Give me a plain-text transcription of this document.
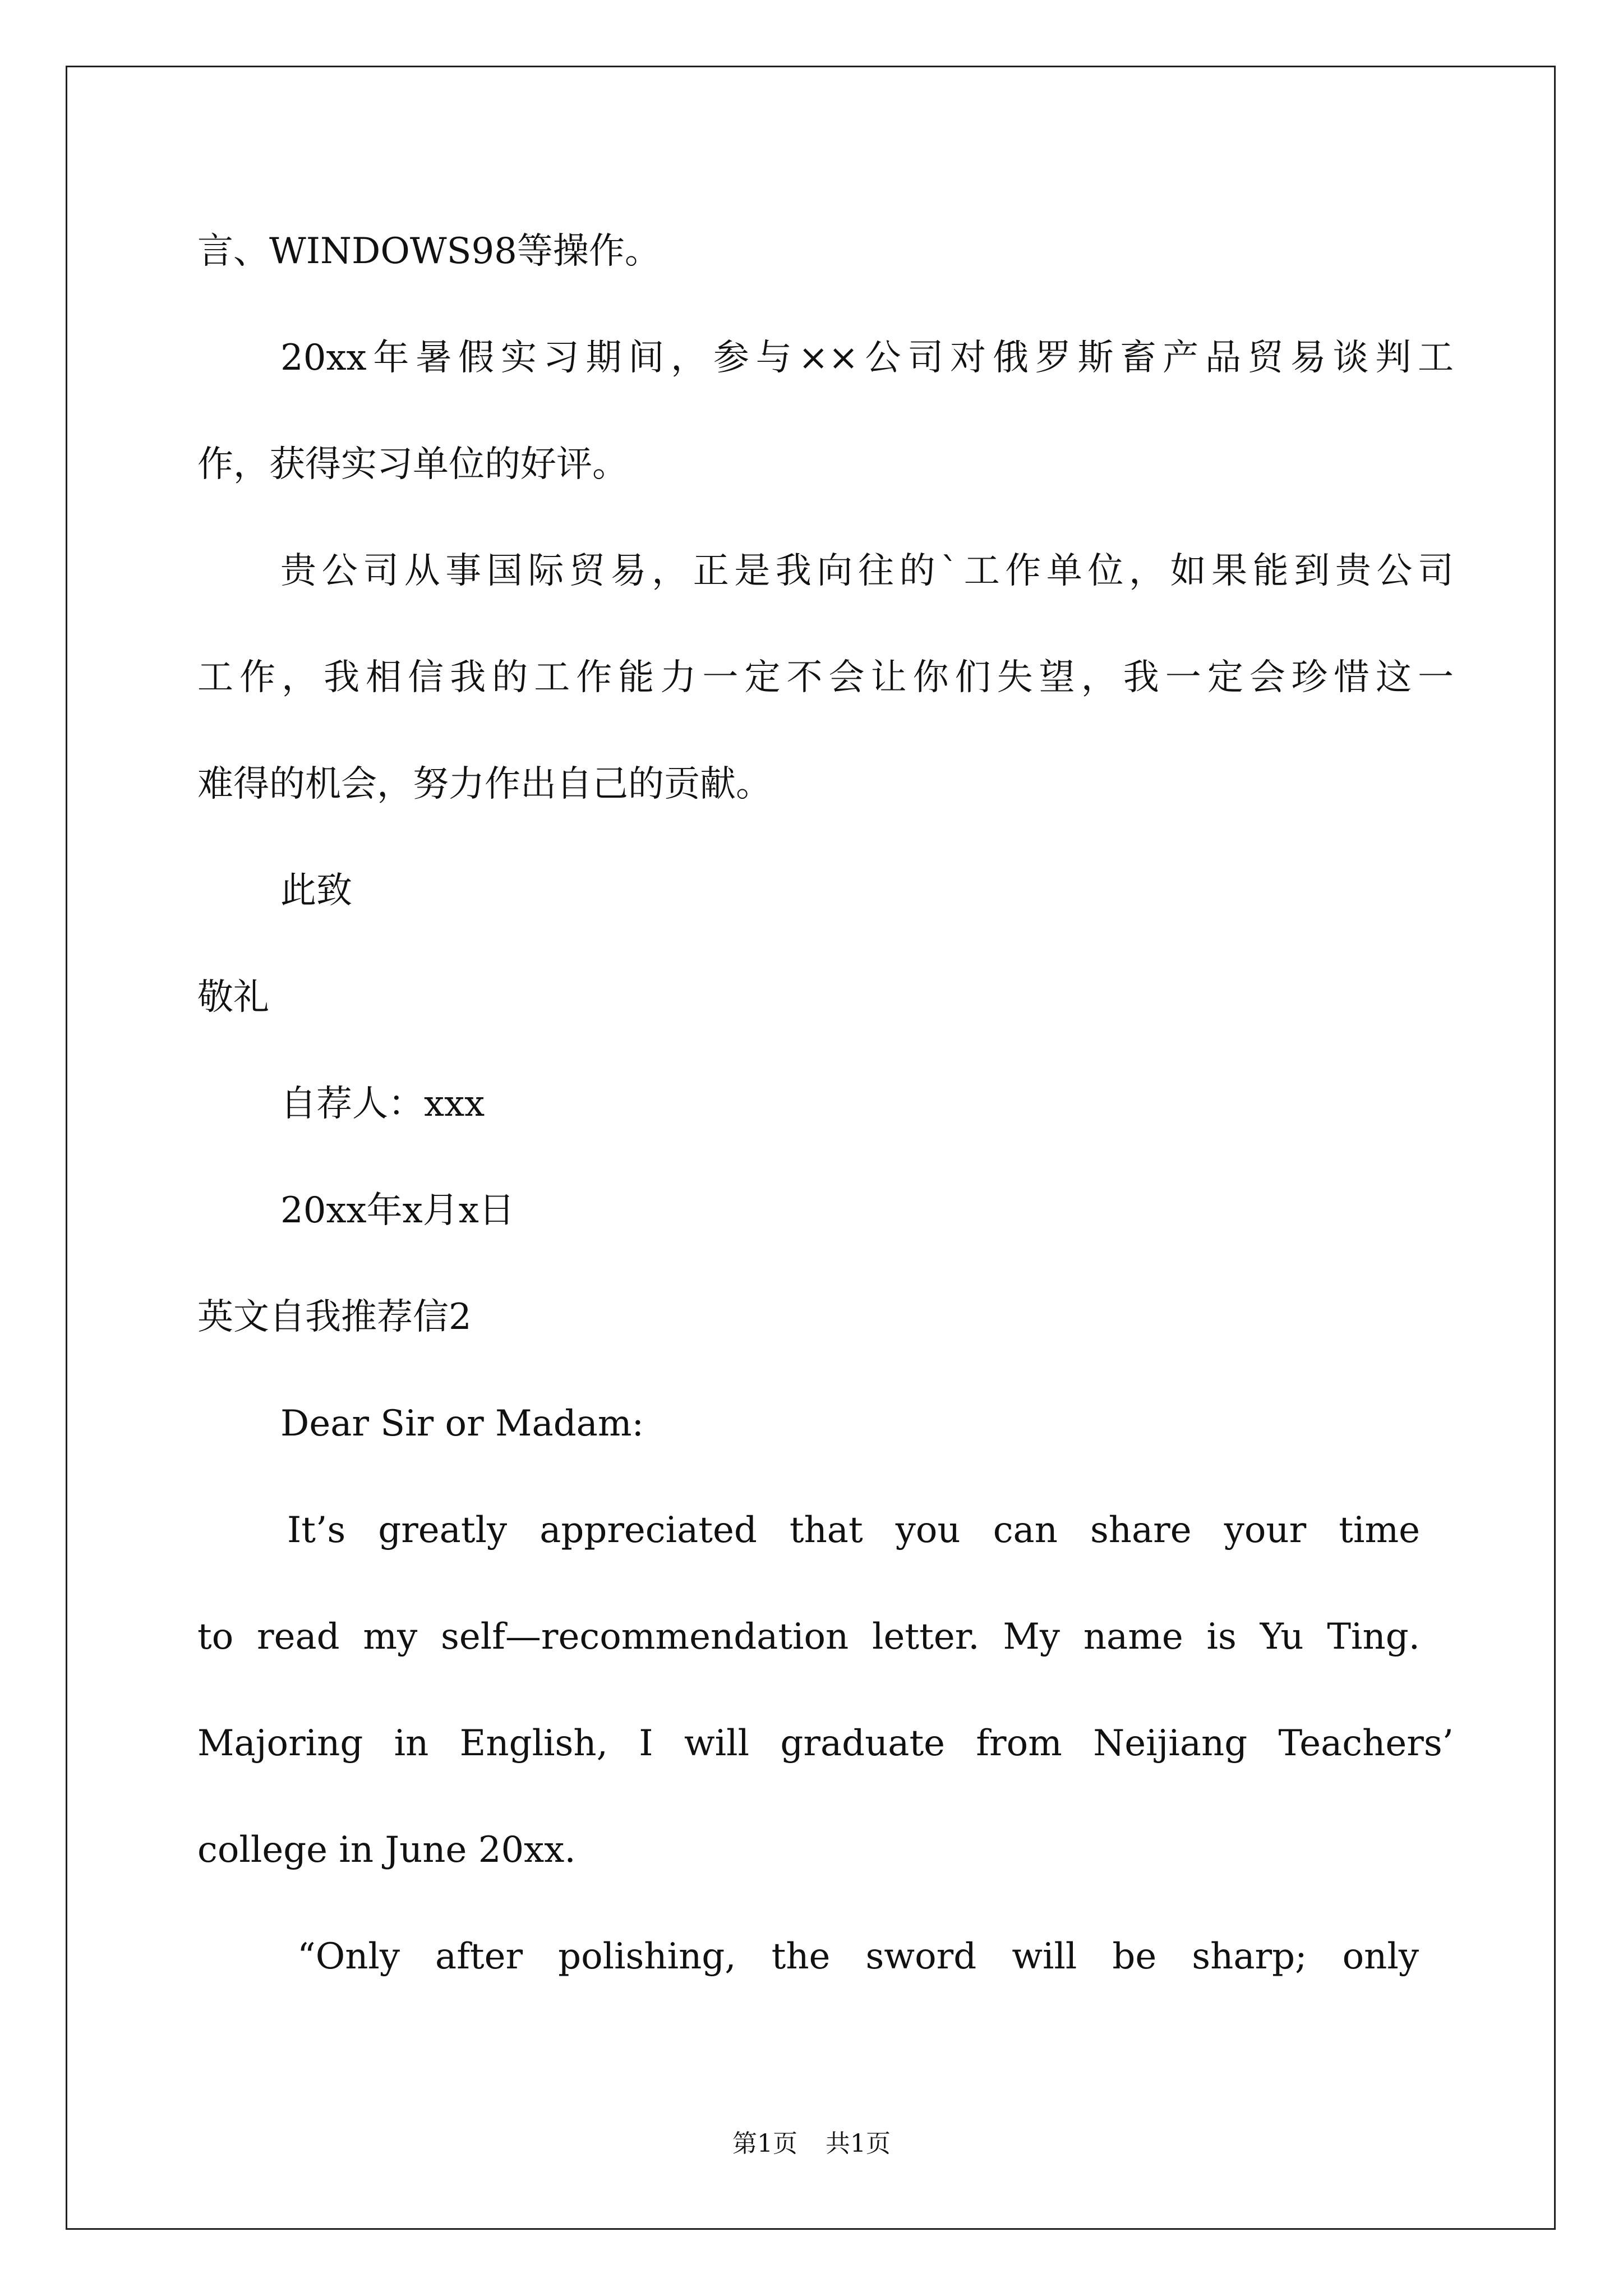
言、WINDOWS98等操作。

20xx年暑假实习期间，参与××公司对俄罗斯畜产品贸易谈判工

作，获得实习单位的好评。

贵公司从事国际贸易，正是我向往的`工作单位，如果能到贵公司

工作，我相信我的工作能力一定不会让你们失望，我一定会珍惜这一

难得的机会，努力作出自己的贡献。

此致

敬礼

自荐人：xxx

20xx年x月x日

英文自我推荐信2

Dear Sir or Madam:

It’s greatly appreciated that you can share your time

to read my self—recommendation letter. My name is Yu Ting.

Majoring in English, I will graduate from Neijiang Teachers’

college in June 20xx.

“Only after polishing, the sword will be sharp; only

第1页 共1页
